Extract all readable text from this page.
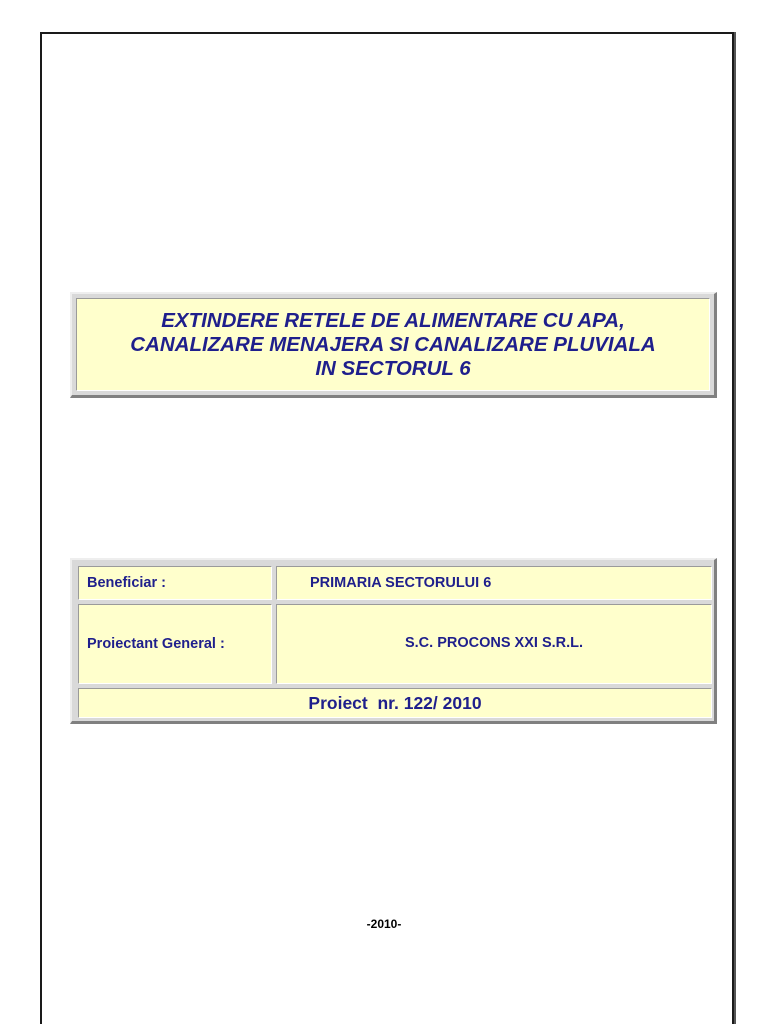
EXTINDERE RETELE DE ALIMENTARE CU APA,
CANALIZARE MENAJERA SI CANALIZARE PLUVIALA
IN SECTORUL 6
Beneficiar :	PRIMARIA SECTORULUI 6
Proiectant General :	S.C. PROCONS XXI S.R.L.
Proiect  nr. 122/ 2010
-2010-
